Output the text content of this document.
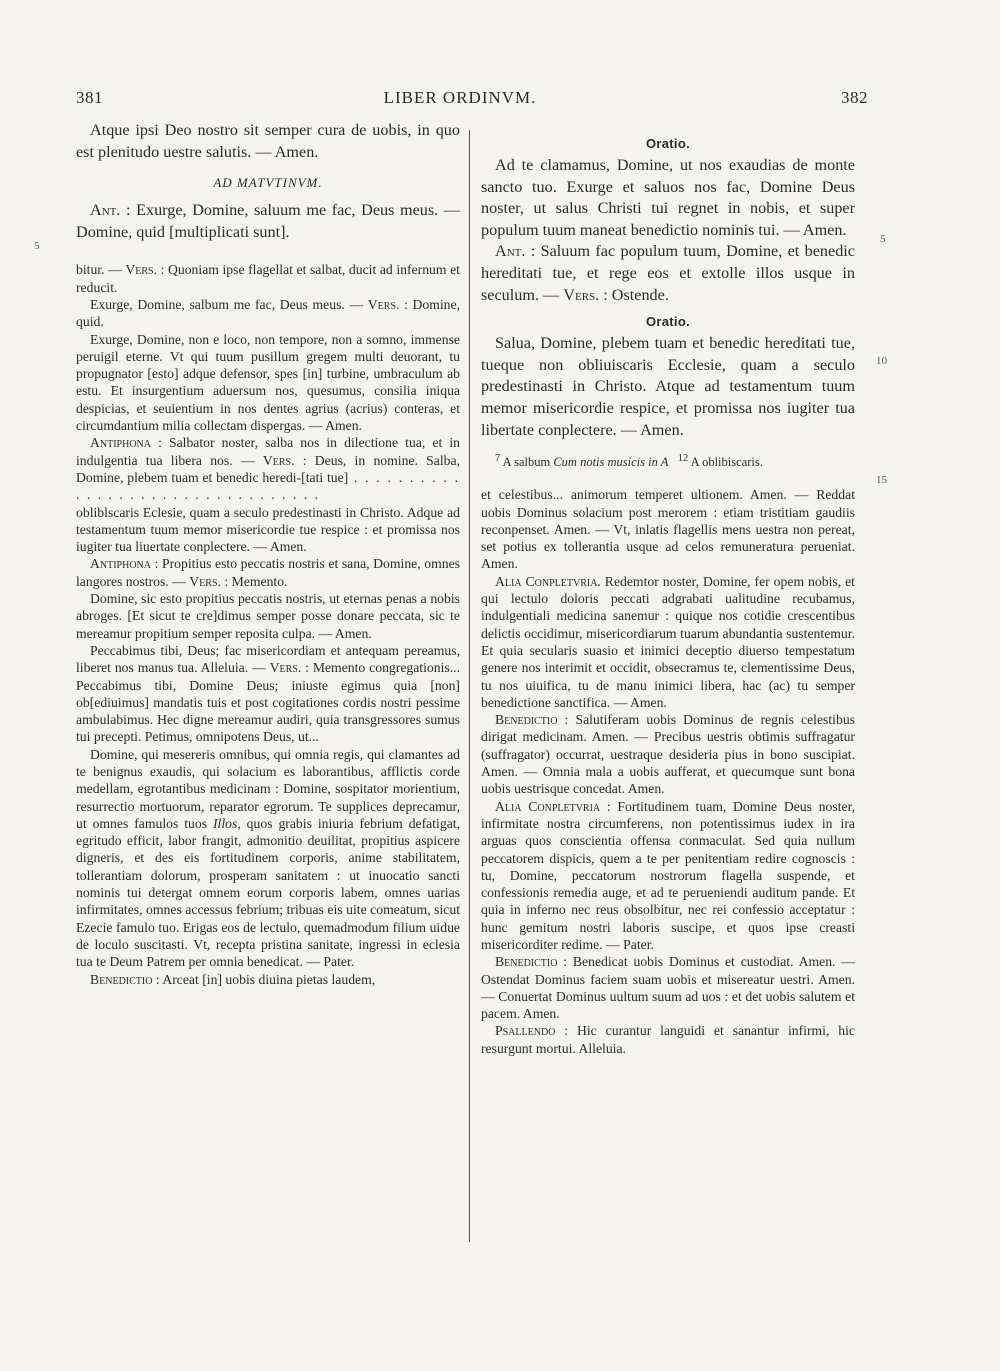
381	LIBER ORDINVM.	382
5
5
10
15

Atque ipsi Deo nostro sit semper cura de uobis, in quo est plenitudo uestre salutis. — Amen.

AD MATVTINVM.

Ant. : Exurge, Domine, saluum me fac, Deus meus. — Domine, quid [multiplicati sunt].

bitur. — Vers. : Quoniam ipse flagellat et salbat, ducit ad infernum et reducit.

Exurge, Domine, salbum me fac, Deus meus. — Vers. : Domine, quid.

Exurge, Domine, non e loco, non tempore, non a somno, immense peruigil eterne. Vt qui tuum pusillum gregem multi deuorant, tu propugnator [esto] adque defensor, spes [in] turbine, umbraculum ab estu. Et insurgentium aduersum nos, quesumus, consilia iniqua despicias, et seuientium in nos dentes agrius (acrius) conteras, et circumdantium milia collectam dispergas. — Amen.

Antiphona : Salbator noster, salba nos in dilectione tua, et in indulgentia tua libera nos. — Vers. : Deus, in nomine. Salba, Domine, plebem tuam et benedic heredi-[tati tue] . . . . . . . . . . . . . . . . . . . . . . . . . . . . . . . . .

obliblscaris Eclesie, quam a seculo predestinasti in Christo. Adque ad testamentum tuum memor misericordie tue respice : et promissa nos iugiter tua liuertate conplectere. — Amen.

Antiphona : Propitius esto peccatis nostris et sana, Domine, omnes langores nostros. — Vers. : Memento.

Domine, sic esto propitius peccatis nostris, ut eternas penas a nobis abroges. [Et sicut te cre]dimus semper posse donare peccata, sic te mereamur propitium semper reposita culpa. — Amen.

Peccabimus tibi, Deus; fac misericordiam et antequam pereamus, liberet nos manus tua. Alleluia. — Vers. : Memento congregationis... Peccabimus tibi, Domine Deus; iniuste egimus quia [non] ob[ediuimus] mandatis tuis et post cogitationes cordis nostri pessime ambulabimus. Hec digne mereamur audiri, quia transgressores sumus tui precepti. Petimus, omnipotens Deus, ut...

Domine, qui mesereris omnibus, qui omnia regis, qui clamantes ad te benignus exaudis, qui solacium es laborantibus, afflictis corde medellam, egrotantibus medicinam : Domine, sospitator morientium, resurrectio mortuorum, reparator egrorum. Te supplices deprecamur, ut omnes famulos tuos Illos, quos grabis iniuria febrium defatigat, egritudo efficit, labor frangit, admonitio deuilitat, propitius aspicere digneris, et des eis fortitudinem corporis, anime stabilitatem, tollerantiam dolorum, prosperam sanitatem : ut inuocatio sancti nominis tui detergat omnem eorum corporis labem, omnes uarias infirmitates, omnes accessus febrium; tribuas eis uite comeatum, sicut Ezecie famulo tuo. Erigas eos de lectulo, quemadmodum filium uidue de loculo suscitasti. Vt, recepta pristina sanitate, ingressi in eclesia tua te Deum Patrem per omnia benedicat. — Pater.

Benedictio : Arceat [in] uobis diuina pietas laudem,

Oratio.

Ad te clamamus, Domine, ut nos exaudias de monte sancto tuo. Exurge et saluos nos fac, Domine Deus noster, ut salus Christi tui regnet in nobis, et super populum tuum maneat benedictio nominis tui. — Amen.

Ant. : Saluum fac populum tuum, Domine, et benedic hereditati tue, et rege eos et extolle illos usque in seculum. — Vers. : Ostende.

Oratio.

Salua, Domine, plebem tuam et benedic hereditati tue, tueque non obliuiscaris Ecclesie, quam a seculo predestinasti in Christo. Atque ad testamentum tuum memor misericordie respice, et promissa nos iugiter tua libertate conplectere. — Amen.

$^7$ A salbum Cum notis musicis in A $^{12}$ A oblibiscaris.

et celestibus... animorum temperet ultionem. Amen. — Reddat uobis Dominus solacium post merorem : etiam tristitiam gaudiis reconpenset. Amen. — Vt, inlatis flagellis mens uestra non pereat, set potius ex tollerantia usque ad celos remuneratura perueniat. Amen.

Alia Conpletvria. Redemtor noster, Domine, fer opem nobis, et qui lectulo doloris peccati adgrabati ualitudine recubamus, indulgentiali medicina sanemur : quique nos cotidie crescentibus delictis occidimur, misericordiarum tuarum abundantia sustentemur. Et quia secularis suasio et inimici deceptio diuerso tempestatum genere nos interimit et occidit, obsecramus te, clementissime Deus, tu nos uiuifica, tu de manu inimici libera, hac (ac) tu semper benedictione sanctifica. — Amen.

Benedictio : Salutiferam uobis Dominus de regnis celestibus dirigat medicinam. Amen. — Precibus uestris obtimis suffragatur (suffragator) occurrat, uestraque desideria pius in bono suscipiat. Amen. — Omnia mala a uobis aufferat, et quecumque sunt bona uobis uestrisque concedat. Amen.

Alia Conpletvria : Fortitudinem tuam, Domine Deus noster, infirmitate nostra circumferens, non potentissimus iudex in ira arguas quos conscientia offensa conmaculat. Sed quia nullum peccatorem dispicis, quem a te per penitentiam redire cognoscis : tu, Domine, peccatorum nostrorum flagella suspende, et confessionis remedia auge, et ad te perueniendi auditum pande. Et quia in inferno nec reus obsolbitur, nec rei confessio acceptatur : hunc gemitum nostri laboris suscipe, et quos ipse creasti misericorditer redime. — Pater.

Benedictio : Benedicat uobis Dominus et custodiat. Amen. — Ostendat Dominus faciem suam uobis et misereatur uestri. Amen. — Conuertat Dominus uultum suum ad uos : et det uobis salutem et pacem. Amen.

Psallendo : Hic curantur languidi et sanantur infirmi, hic resurgunt mortui. Alleluia.
